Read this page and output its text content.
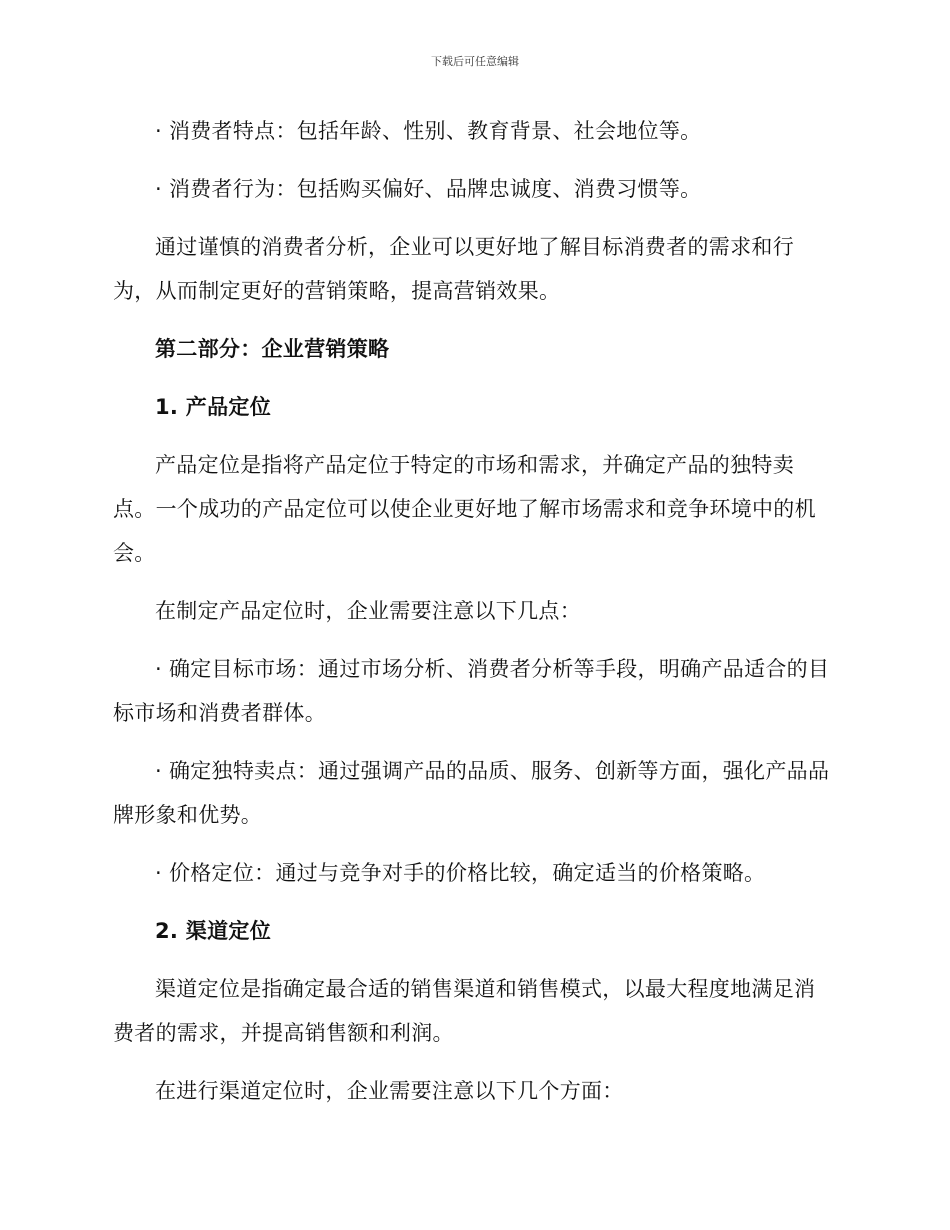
下载后可任意编辑

· 消费者特点：包括年龄、性别、教育背景、社会地位等。

· 消费者行为：包括购买偏好、品牌忠诚度、消费习惯等。

通过谨慎的消费者分析，企业可以更好地了解目标消费者的需求和行为，从而制定更好的营销策略，提高营销效果。

第二部分：企业营销策略

1. 产品定位

产品定位是指将产品定位于特定的市场和需求，并确定产品的独特卖点。一个成功的产品定位可以使企业更好地了解市场需求和竞争环境中的机会。

在制定产品定位时，企业需要注意以下几点：

· 确定目标市场：通过市场分析、消费者分析等手段，明确产品适合的目标市场和消费者群体。

· 确定独特卖点：通过强调产品的品质、服务、创新等方面，强化产品品牌形象和优势。

· 价格定位：通过与竞争对手的价格比较，确定适当的价格策略。

2. 渠道定位

渠道定位是指确定最合适的销售渠道和销售模式，以最大程度地满足消费者的需求，并提高销售额和利润。

在进行渠道定位时，企业需要注意以下几个方面：
